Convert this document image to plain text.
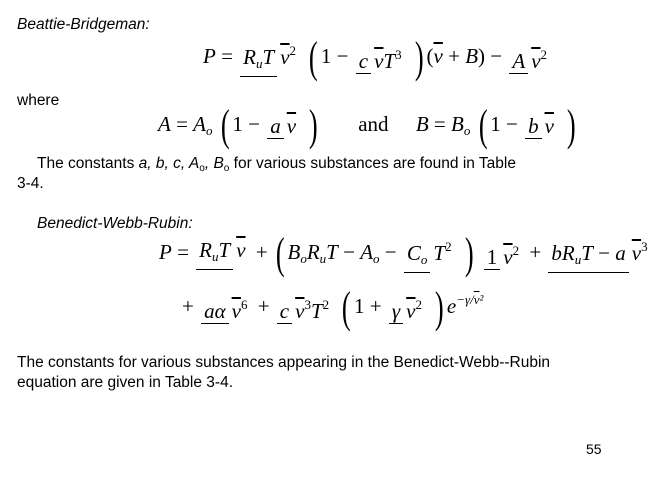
Beattie-Bridgeman:
P = RuT $\overline{v}2$ ( 1 − c $\overline{v}T3$ ) $(\overline{v} + B) - A$ $\overline{v}2$
where
A = Ao ( 1 − a $\overline{v}$ ) and B = Bo ( 1 − b $\overline{v}$ )
The constants a, b, c, Ao, Bo for various substances are found in Table
3-4.
Benedict-Webb-Rubin:
P = RuT $\overline{v}$ + ( BoRuT − Ao − Co T2 ) 1 $\overline{v}2$ + bRuT − a $\overline{v}3$
+ aα $\overline{v}6 + c$ $\overline{v}3T2$ ( 1 + γ $\overline{v}2$ ) $e-\gamma/\overline{v}^2$
The constants for various substances appearing in the Benedict-Webb--Rubin
equation are given in Table 3-4.
55
